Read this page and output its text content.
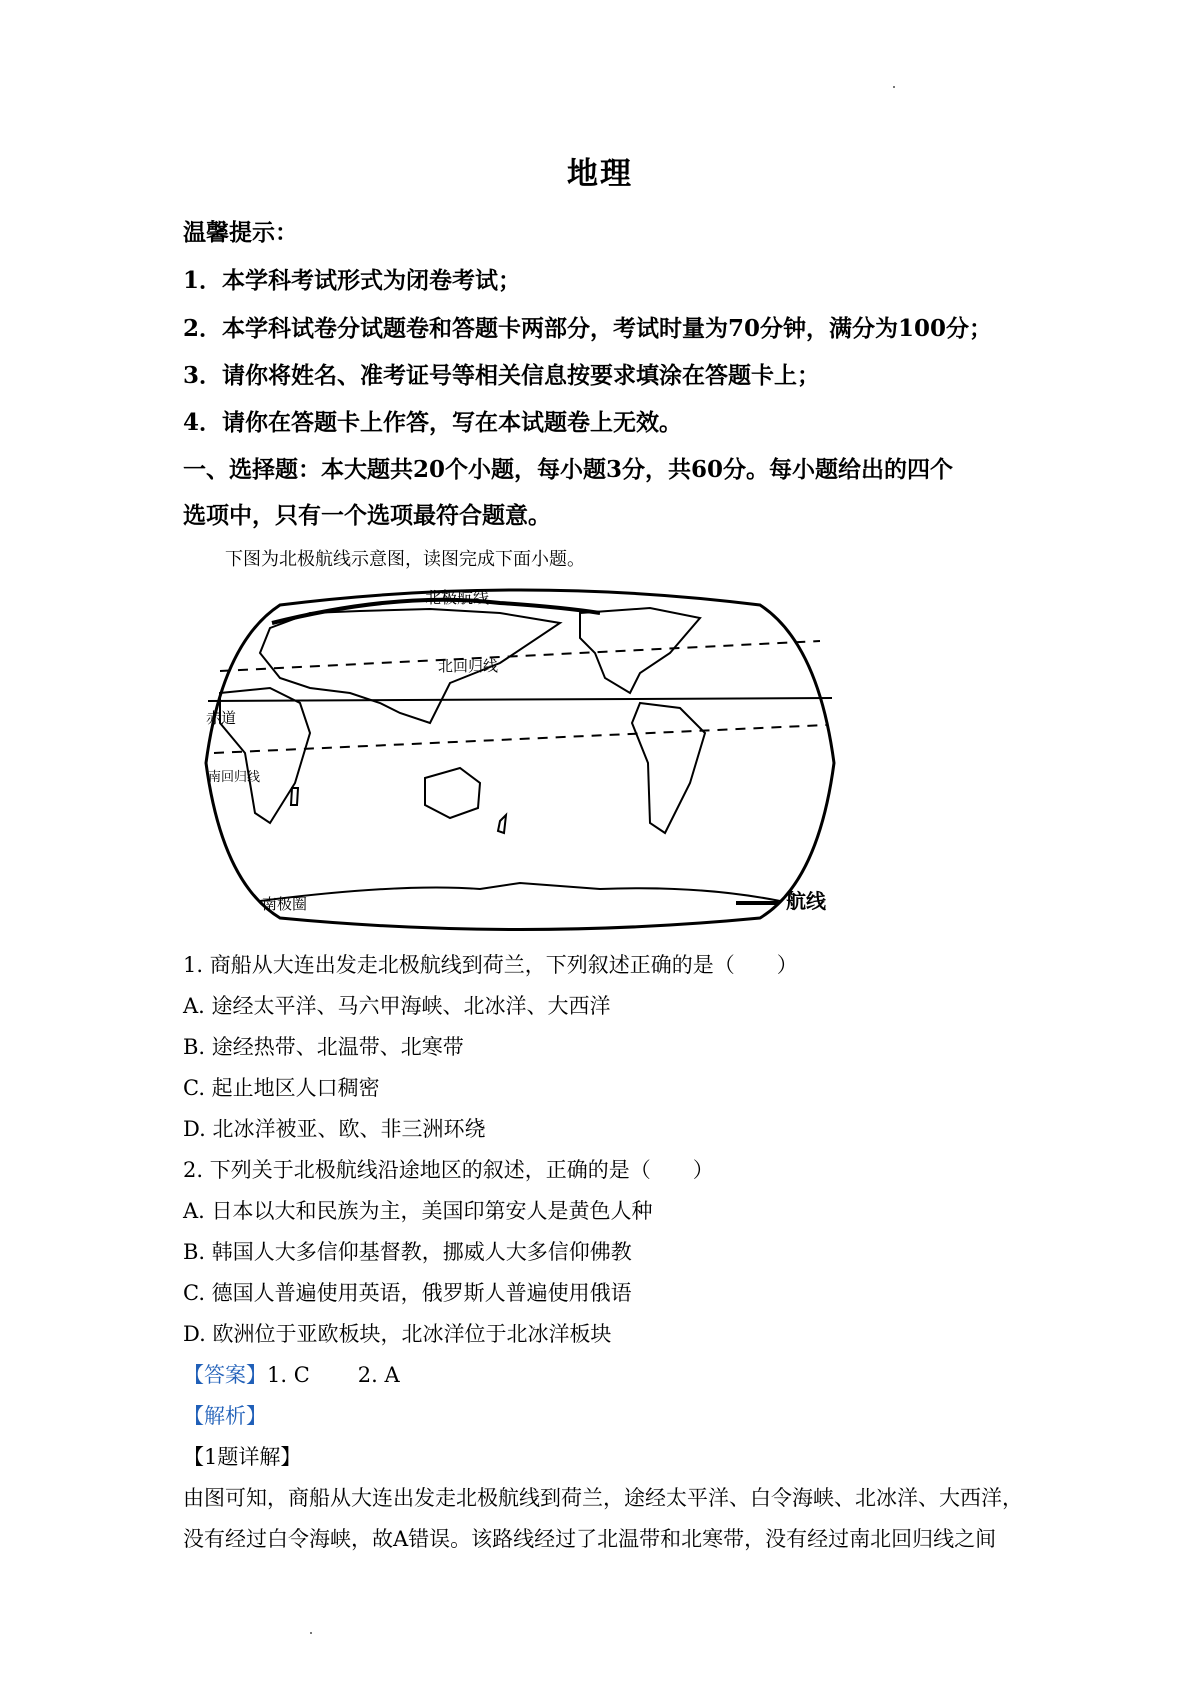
地理
温馨提示：
1．本学科考试形式为闭卷考试；
2．本学科试卷分试题卷和答题卡两部分，考试时量为70分钟，满分为100分；
3．请你将姓名、准考证号等相关信息按要求填涂在答题卡上；
4．请你在答题卡上作答，写在本试题卷上无效。
一、选择题：本大题共20个小题，每小题3分，共60分。每小题给出的四个
选项中，只有一个选项最符合题意。
下图为北极航线示意图，读图完成下面小题。
北极航线
北回归线
赤道
南回归线
南极圈	航线
1. 商船从大连出发走北极航线到荷兰，下列叙述正确的是（　　）
A. 途经太平洋、马六甲海峡、北冰洋、大西洋
B. 途经热带、北温带、北寒带
C. 起止地区人口稠密
D. 北冰洋被亚、欧、非三洲环绕
2. 下列关于北极航线沿途地区的叙述，正确的是（　　）
A. 日本以大和民族为主，美国印第安人是黄色人种
B. 韩国人大多信仰基督教，挪威人大多信仰佛教
C. 德国人普遍使用英语，俄罗斯人普遍使用俄语
D. 欧洲位于亚欧板块，北冰洋位于北冰洋板块
【答案】1. C 2. A
【解析】
【1题详解】
由图可知，商船从大连出发走北极航线到荷兰，途经太平洋、白令海峡、北冰洋、大西洋，
没有经过白令海峡，故A错误。该路线经过了北温带和北寒带，没有经过南北回归线之间
